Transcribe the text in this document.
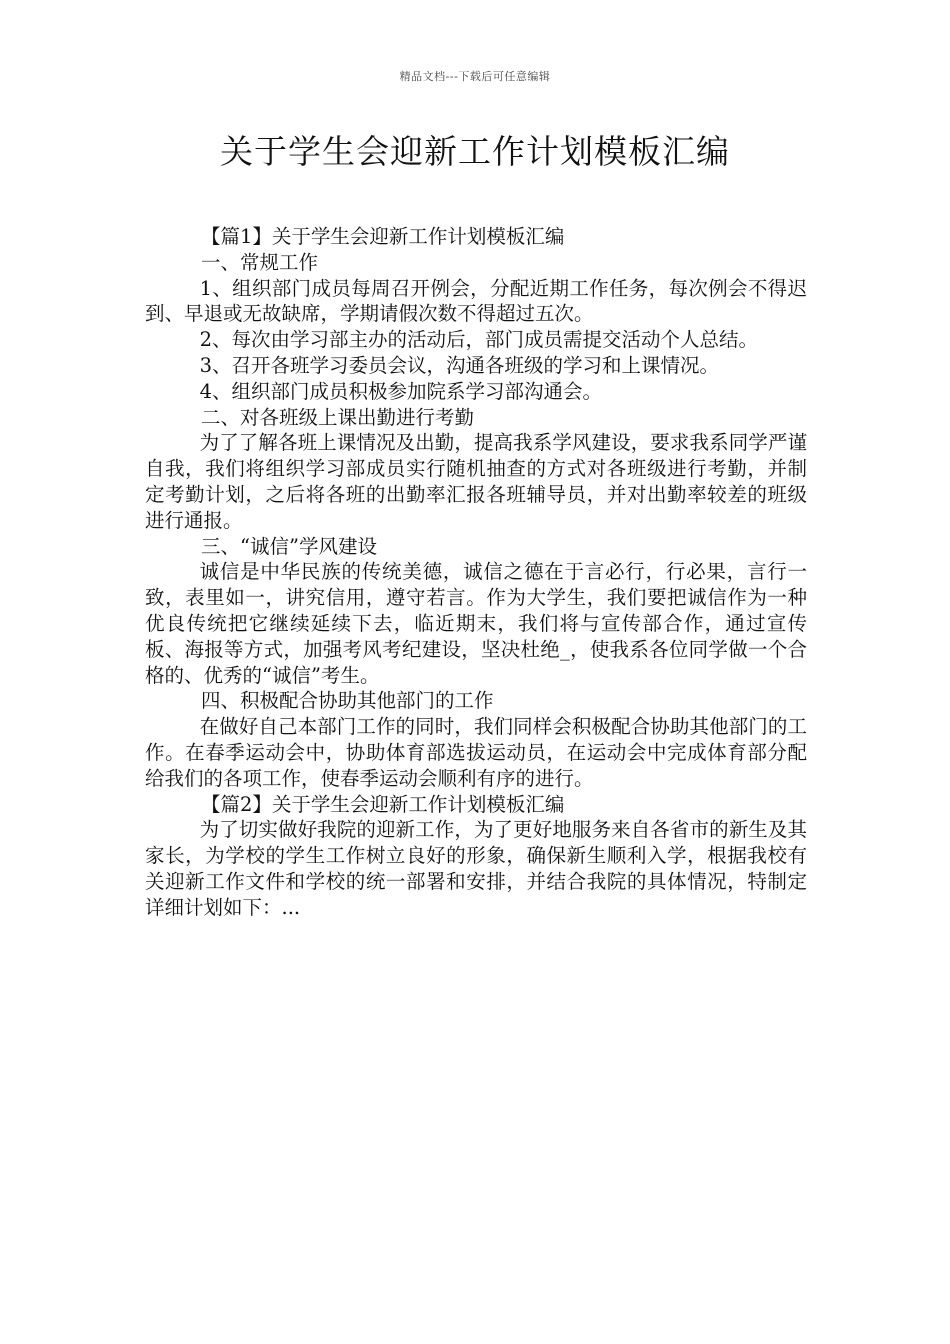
精品文档---下载后可任意编辑
关于学生会迎新工作计划模板汇编

【篇1】关于学生会迎新工作计划模板汇编

一、常规工作

1、组织部门成员每周召开例会，分配近期工作任务，每次例会不得迟到、早退或无故缺席，学期请假次数不得超过五次。

2、每次由学习部主办的活动后，部门成员需提交活动个人总结。

3、召开各班学习委员会议，沟通各班级的学习和上课情况。

4、组织部门成员积极参加院系学习部沟通会。

二、对各班级上课出勤进行考勤

为了了解各班上课情况及出勤，提高我系学风建设，要求我系同学严谨自我，我们将组织学习部成员实行随机抽查的方式对各班级进行考勤，并制定考勤计划，之后将各班的出勤率汇报各班辅导员，并对出勤率较差的班级进行通报。

三、“诚信”学风建设

诚信是中华民族的传统美德，诚信之德在于言必行，行必果，言行一致，表里如一，讲究信用，遵守若言。作为大学生，我们要把诚信作为一种优良传统把它继续延续下去，临近期末，我们将与宣传部合作，通过宣传板、海报等方式，加强考风考纪建设，坚决杜绝_，使我系各位同学做一个合格的、优秀的“诚信”考生。

四、积极配合协助其他部门的工作

在做好自己本部门工作的同时，我们同样会积极配合协助其他部门的工作。在春季运动会中，协助体育部选拔运动员，在运动会中完成体育部分配给我们的各项工作，使春季运动会顺利有序的进行。

【篇2】关于学生会迎新工作计划模板汇编

为了切实做好我院的迎新工作，为了更好地服务来自各省市的新生及其家长，为学校的学生工作树立良好的形象，确保新生顺利入学，根据我校有关迎新工作文件和学校的统一部署和安排，并结合我院的具体情况，特制定详细计划如下：...
